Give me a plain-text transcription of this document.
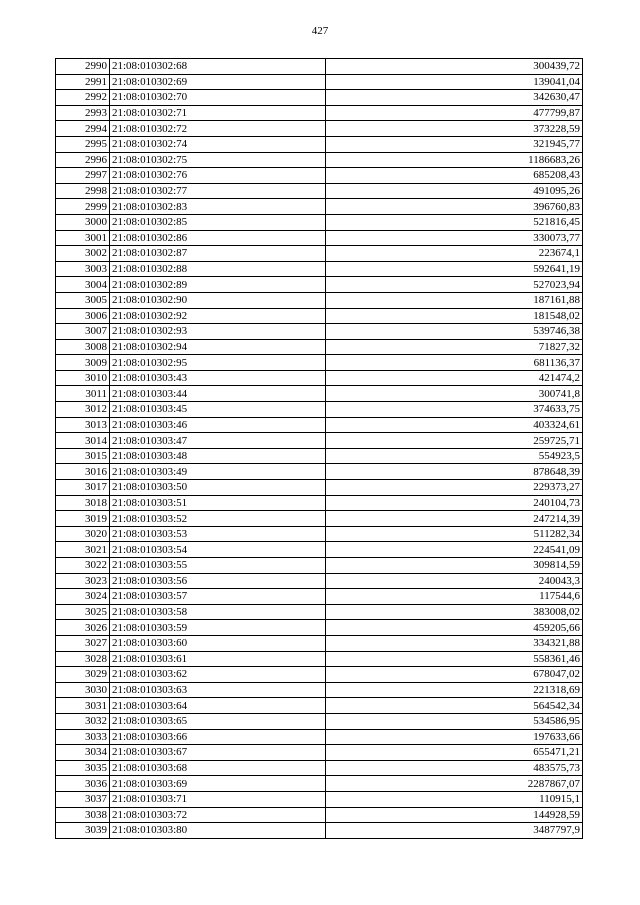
427
2990	21:08:010302:68	300439,72
2991	21:08:010302:69	139041,04
2992	21:08:010302:70	342630,47
2993	21:08:010302:71	477799,87
2994	21:08:010302:72	373228,59
2995	21:08:010302:74	321945,77
2996	21:08:010302:75	1186683,26
2997	21:08:010302:76	685208,43
2998	21:08:010302:77	491095,26
2999	21:08:010302:83	396760,83
3000	21:08:010302:85	521816,45
3001	21:08:010302:86	330073,77
3002	21:08:010302:87	223674,1
3003	21:08:010302:88	592641,19
3004	21:08:010302:89	527023,94
3005	21:08:010302:90	187161,88
3006	21:08:010302:92	181548,02
3007	21:08:010302:93	539746,38
3008	21:08:010302:94	71827,32
3009	21:08:010302:95	681136,37
3010	21:08:010303:43	421474,2
3011	21:08:010303:44	300741,8
3012	21:08:010303:45	374633,75
3013	21:08:010303:46	403324,61
3014	21:08:010303:47	259725,71
3015	21:08:010303:48	554923,5
3016	21:08:010303:49	878648,39
3017	21:08:010303:50	229373,27
3018	21:08:010303:51	240104,73
3019	21:08:010303:52	247214,39
3020	21:08:010303:53	511282,34
3021	21:08:010303:54	224541,09
3022	21:08:010303:55	309814,59
3023	21:08:010303:56	240043,3
3024	21:08:010303:57	117544,6
3025	21:08:010303:58	383008,02
3026	21:08:010303:59	459205,66
3027	21:08:010303:60	334321,88
3028	21:08:010303:61	558361,46
3029	21:08:010303:62	678047,02
3030	21:08:010303:63	221318,69
3031	21:08:010303:64	564542,34
3032	21:08:010303:65	534586,95
3033	21:08:010303:66	197633,66
3034	21:08:010303:67	655471,21
3035	21:08:010303:68	483575,73
3036	21:08:010303:69	2287867,07
3037	21:08:010303:71	110915,1
3038	21:08:010303:72	144928,59
3039	21:08:010303:80	3487797,9
